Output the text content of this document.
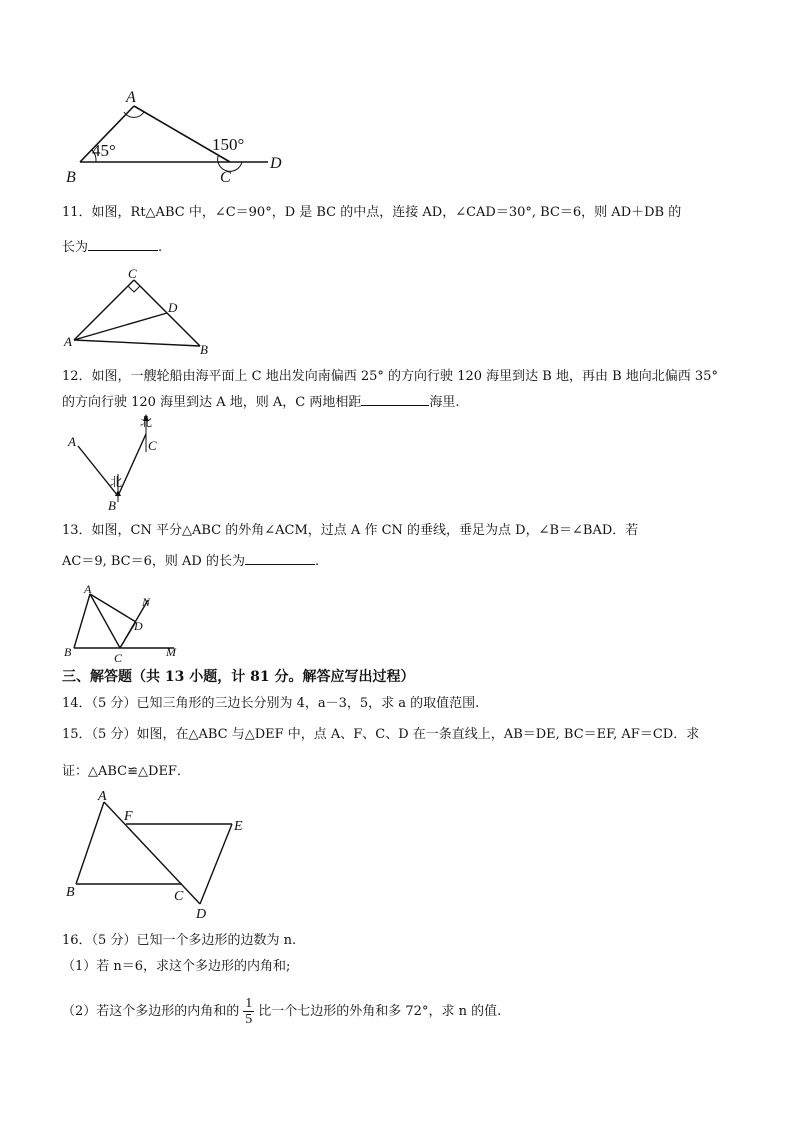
A
B	C
D
45°	150°
11．如图，Rt△ABC 中，∠C＝90°，D 是 BC 的中点，连接 AD，∠CAD＝30°, BC＝6，则 AD＋DB 的
长为	.
C
A
D
B
12．如图，一艘轮船由海平面上 C 地出发向南偏西 25° 的方向行驶 120 海里到达 B 地，再由 B 地向北偏西 35°
的方向行驶 120 海里到达 A 地，则 A，C 两地相距	海里.
A	C
B
北
北
13．如图，CN 平分△ABC 的外角∠ACM，过点 A 作 CN 的垂线，垂足为点 D，∠B＝∠BAD．若
AC＝9, BC＝6，则 AD 的长为	.
A
B	C
D
N
M
三、解答题（共 13 小题，计 81 分。解答应写出过程）
14．（5 分）已知三角形的三边长分别为 4，a－3，5，求 a 的取值范围.
15．（5 分）如图，在△ABC 与△DEF 中，点 A、F、C、D 在一条直线上，AB＝DE, BC＝EF, AF＝CD．求
证：△ABC≌△DEF．
A
F
E
B	C
D
16．（5 分）已知一个多边形的边数为 n.
（1）若 n＝6，求这个多边形的内角和;
（2）若这个多边形的内角和的 $\frac{1}{5}$ 比一个七边形的外角和多 72°，求 n 的值.
